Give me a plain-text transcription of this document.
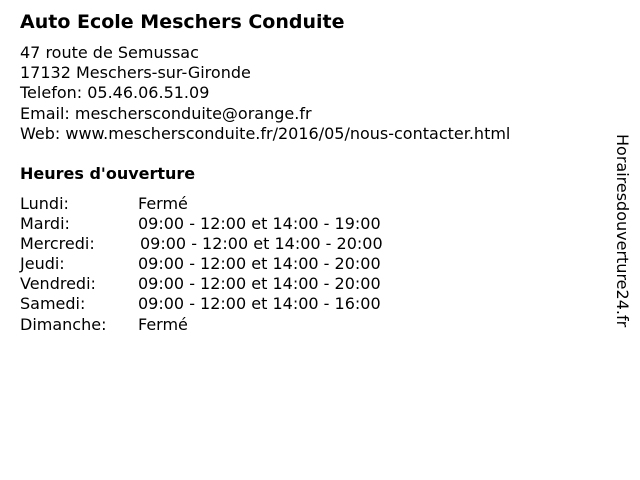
Auto Ecole Meschers Conduite
47 route de Semussac
17132 Meschers-sur-Gironde
Telefon: 05.46.06.51.09
Email: meschersconduite@orange.fr
Web: www.meschersconduite.fr/2016/05/nous-contacter.html
Heures d'ouverture
Lundi:	Fermé
Mardi:	09:00 - 12:00 et 14:00 - 19:00
Mercredi:	09:00 - 12:00 et 14:00 - 20:00
Jeudi:	09:00 - 12:00 et 14:00 - 20:00
Vendredi:	09:00 - 12:00 et 14:00 - 20:00
Samedi:	09:00 - 12:00 et 14:00 - 16:00
Dimanche: Fermé	Horairesdouverture24.fr
